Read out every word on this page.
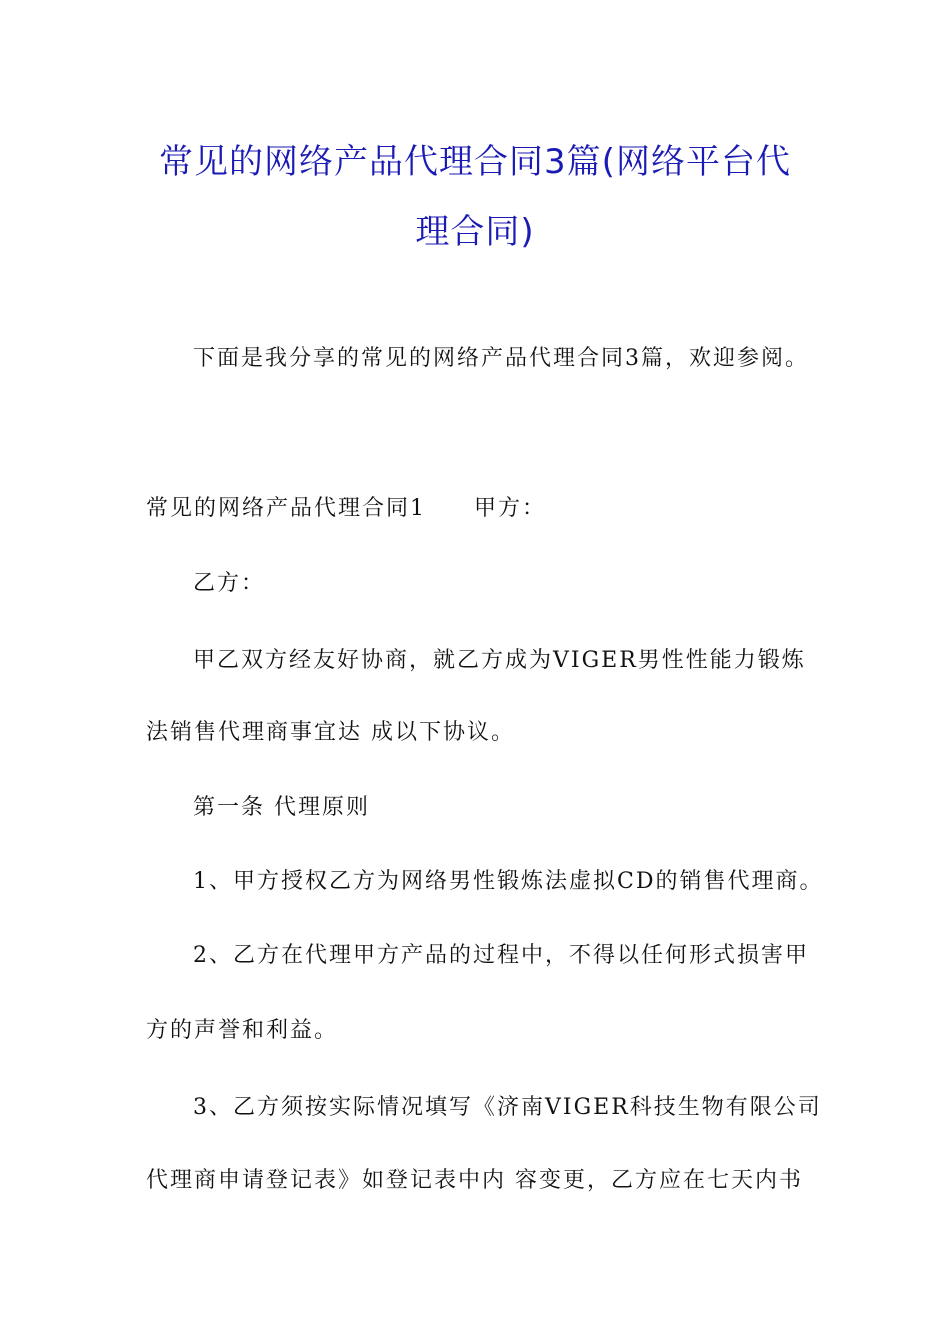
常见的网络产品代理合同3篇(网络平台代
理合同)
下面是我分享的常见的网络产品代理合同3篇，欢迎参阅。
常见的网络产品代理合同1 甲方：
乙方：
甲乙双方经友好协商，就乙方成为VIGER男性性能力锻炼
法销售代理商事宜达 成以下协议。
第一条 代理原则
1、甲方授权乙方为网络男性锻炼法虚拟CD的销售代理商。
2、乙方在代理甲方产品的过程中，不得以任何形式损害甲
方的声誉和利益。
3、乙方须按实际情况填写《济南VIGER科技生物有限公司
代理商申请登记表》如登记表中内 容变更，乙方应在七天内书
